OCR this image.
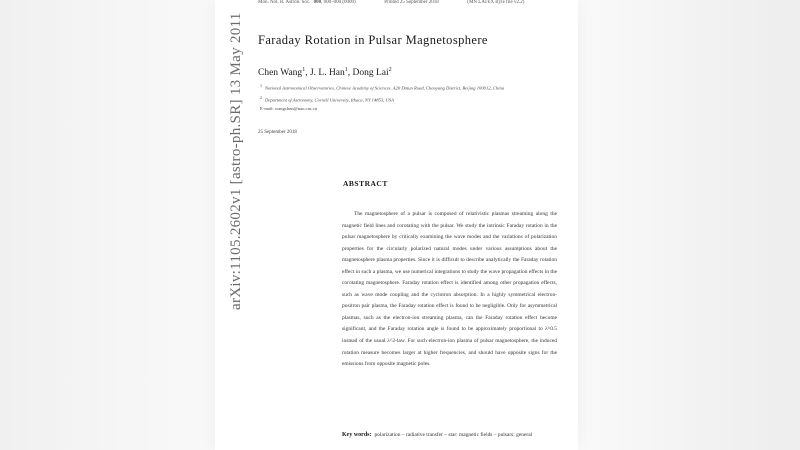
arXiv:1105.2602v1 [astro-ph.SR] 13 May 2011
Mon. Not. R. Astron. Soc. 000, 000–000 (0000)	Printed 25 September 2018	(MN LATEX style file v2.2)
Faraday Rotation in Pulsar Magnetosphere
Chen Wang$^1$, J. L. Han$^1$, Dong Lai$^2$
$^1$National Astronomical Observatories, Chinese Academy of Sciences. A20 Datun Road, Chaoyang District, Beijing 100012, China
$^2$Department of Astronomy, Cornell University, Ithaca, NY 14853, USA
E-mail: wangchen@nao.cas.cn
25 September 2018
ABSTRACT
The magnetosphere of a pulsar is composed of relativistic plasmas streaming along the magnetic field lines and corotating with the pulsar. We study the intrinsic Faraday rotation in the pulsar magnetosphere by critically examining the wave modes and the variations of polarization properties for the circularly polarized natural modes under various assumptions about the magnetosphere plasma properties. Since it is difficult to describe analytically the Faraday rotation effect in such a plasma, we use numerical integrations to study the wave propagation effects in the corotating magnetosphere. Faraday rotation effect is identified among other propagation effects, such as wave mode coupling and the cyclotron absorption. In a highly symmetrical electron-positron pair plasma, the Faraday rotation effect is found to be negligible. Only for asymmetrical plasmas, such as the electron-ion streaming plasma, can the Faraday rotation effect become significant, and the Faraday rotation angle is found to be approximately proportional to λ^0.5 instead of the usual λ^2-law. For such electron-ion plasma of pulsar magnetosphere, the induced rotation measure becomes larger at higher frequencies, and should have opposite signs for the emissions from opposite magnetic poles.
Key words: polarization – radiative transfer – star: magnetic fields – pulsars: general
